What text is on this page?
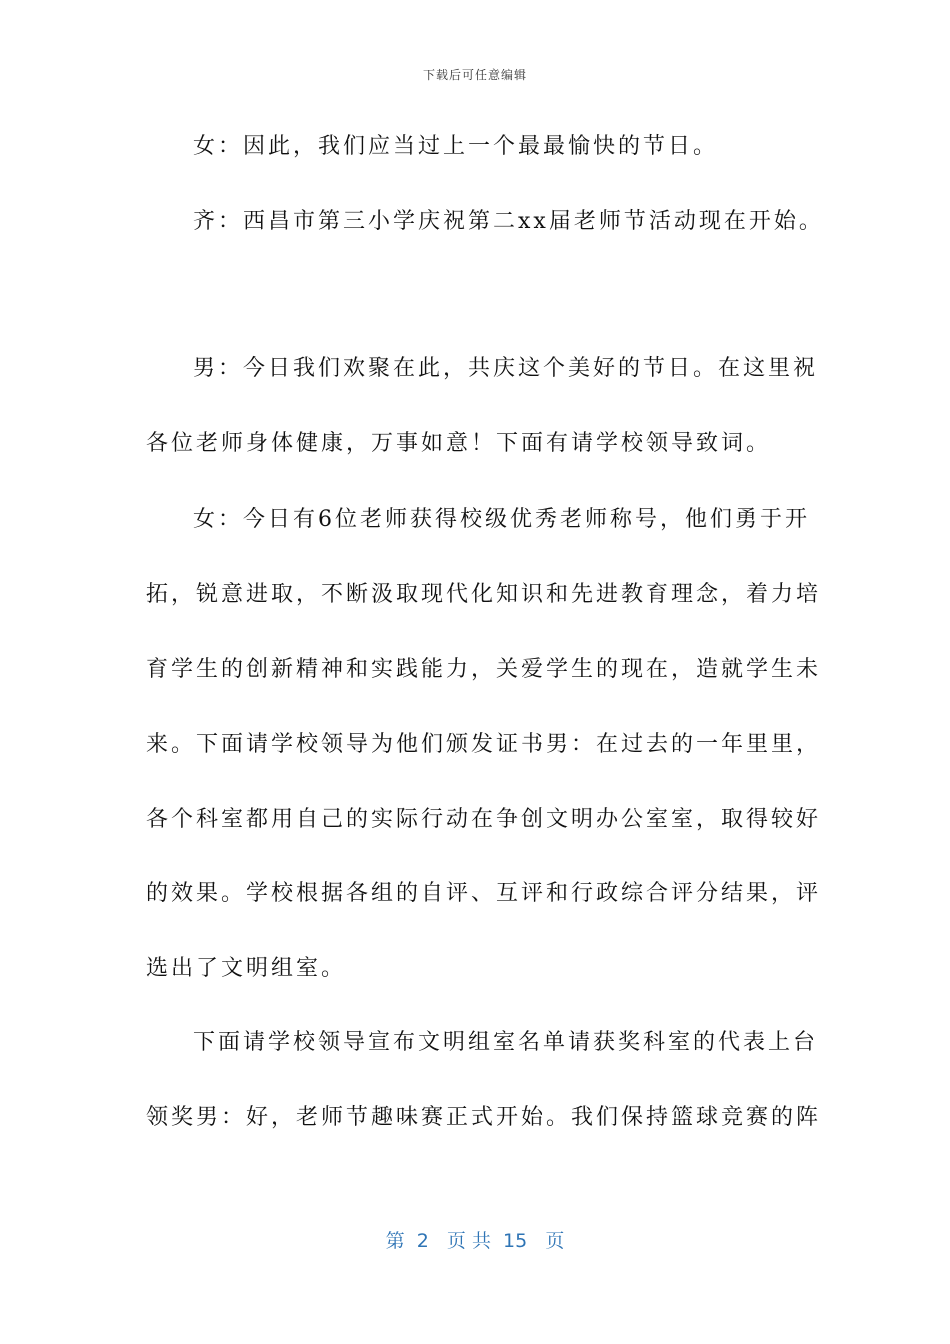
下载后可任意编辑
女：因此，我们应当过上一个最最愉快的节日。
齐：西昌市第三小学庆祝第二xx届老师节活动现在开始。
男：今日我们欢聚在此，共庆这个美好的节日。在这里祝
各位老师身体健康，万事如意！下面有请学校领导致词。
女：今日有6位老师获得校级优秀老师称号，他们勇于开
拓，锐意进取，不断汲取现代化知识和先进教育理念，着力培
育学生的创新精神和实践能力，关爱学生的现在，造就学生未
来。下面请学校领导为他们颁发证书男：在过去的一年里里，
各个科室都用自己的实际行动在争创文明办公室室，取得较好
的效果。学校根据各组的自评、互评和行政综合评分结果，评
选出了文明组室。
下面请学校领导宣布文明组室名单请获奖科室的代表上台
领奖男：好，老师节趣味赛正式开始。我们保持篮球竞赛的阵
第  2   页 共  15   页
